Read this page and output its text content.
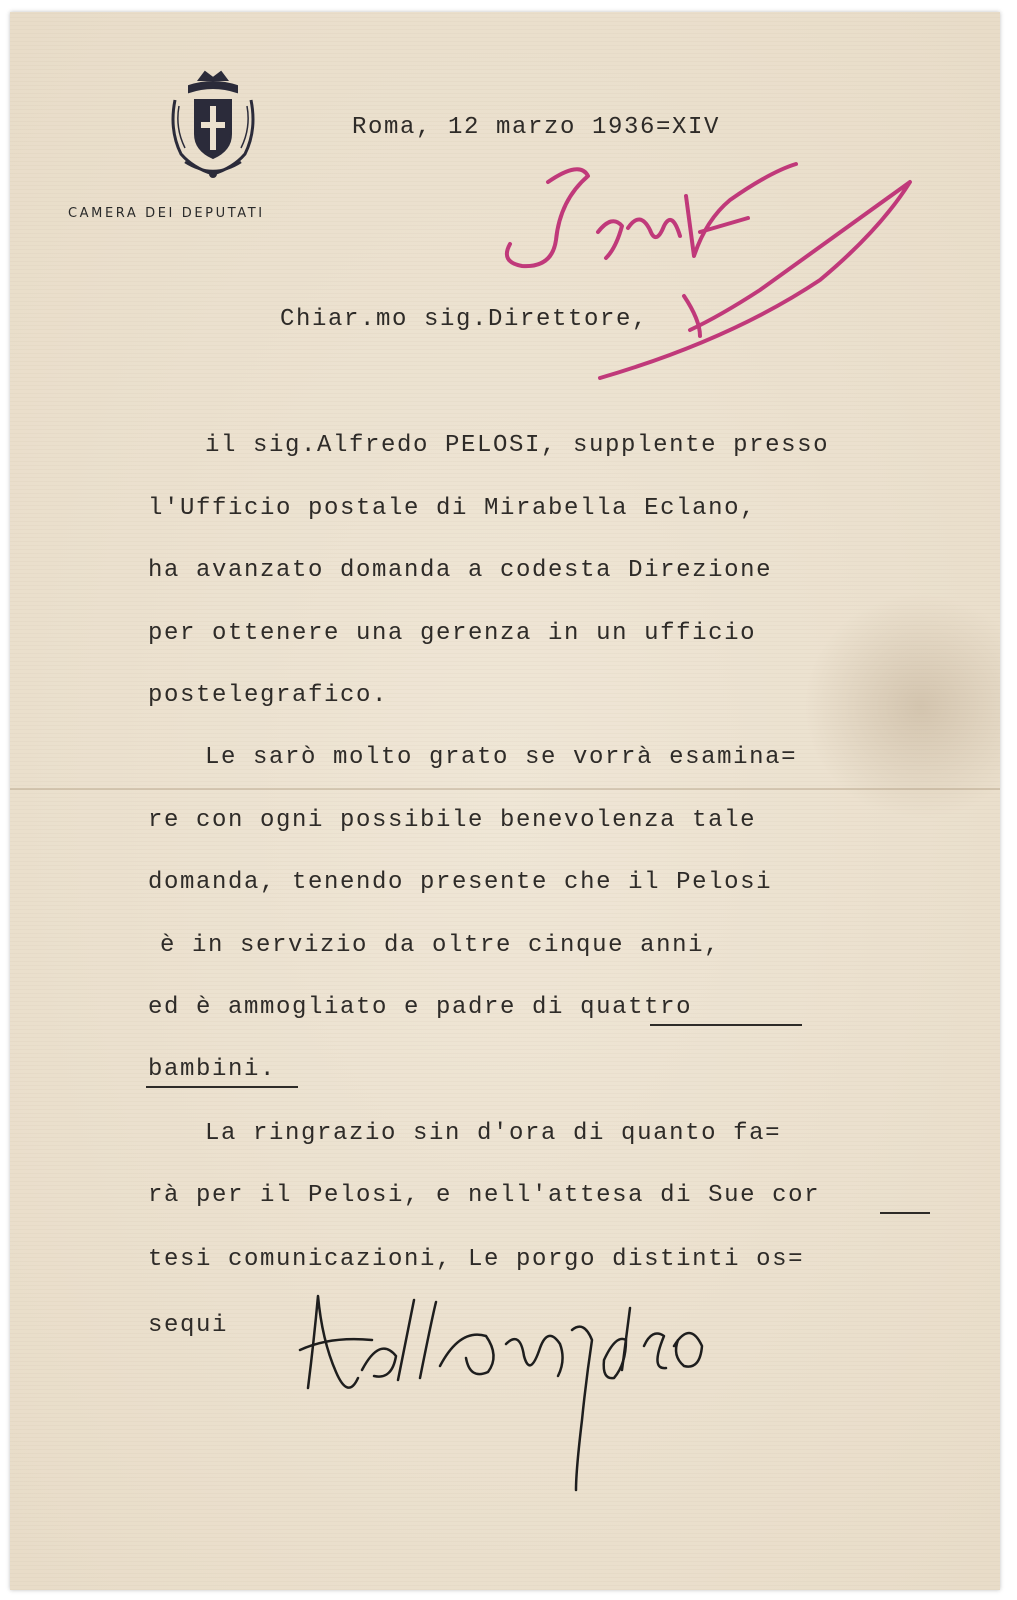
CAMERA DEI DEPUTATI

Roma, 12 marzo 1936=XIV

Chiar.mo sig.Direttore,

il sig.Alfredo PELOSI, supplente presso

l'Ufficio postale di Mirabella Eclano,

ha avanzato domanda a codesta Direzione

per ottenere una gerenza in un ufficio

postelegrafico.

Le sarò molto grato se vorrà esamina=

re con ogni possibile benevolenza tale

domanda, tenendo presente che il Pelosi

è in servizio da oltre cinque anni,

ed è ammogliato e padre di quattro

bambini.

La ringrazio sin d'ora di quanto fa=

rà per il Pelosi, e nell'attesa di Sue cor

tesi comunicazioni, Le porgo distinti os=

sequi
